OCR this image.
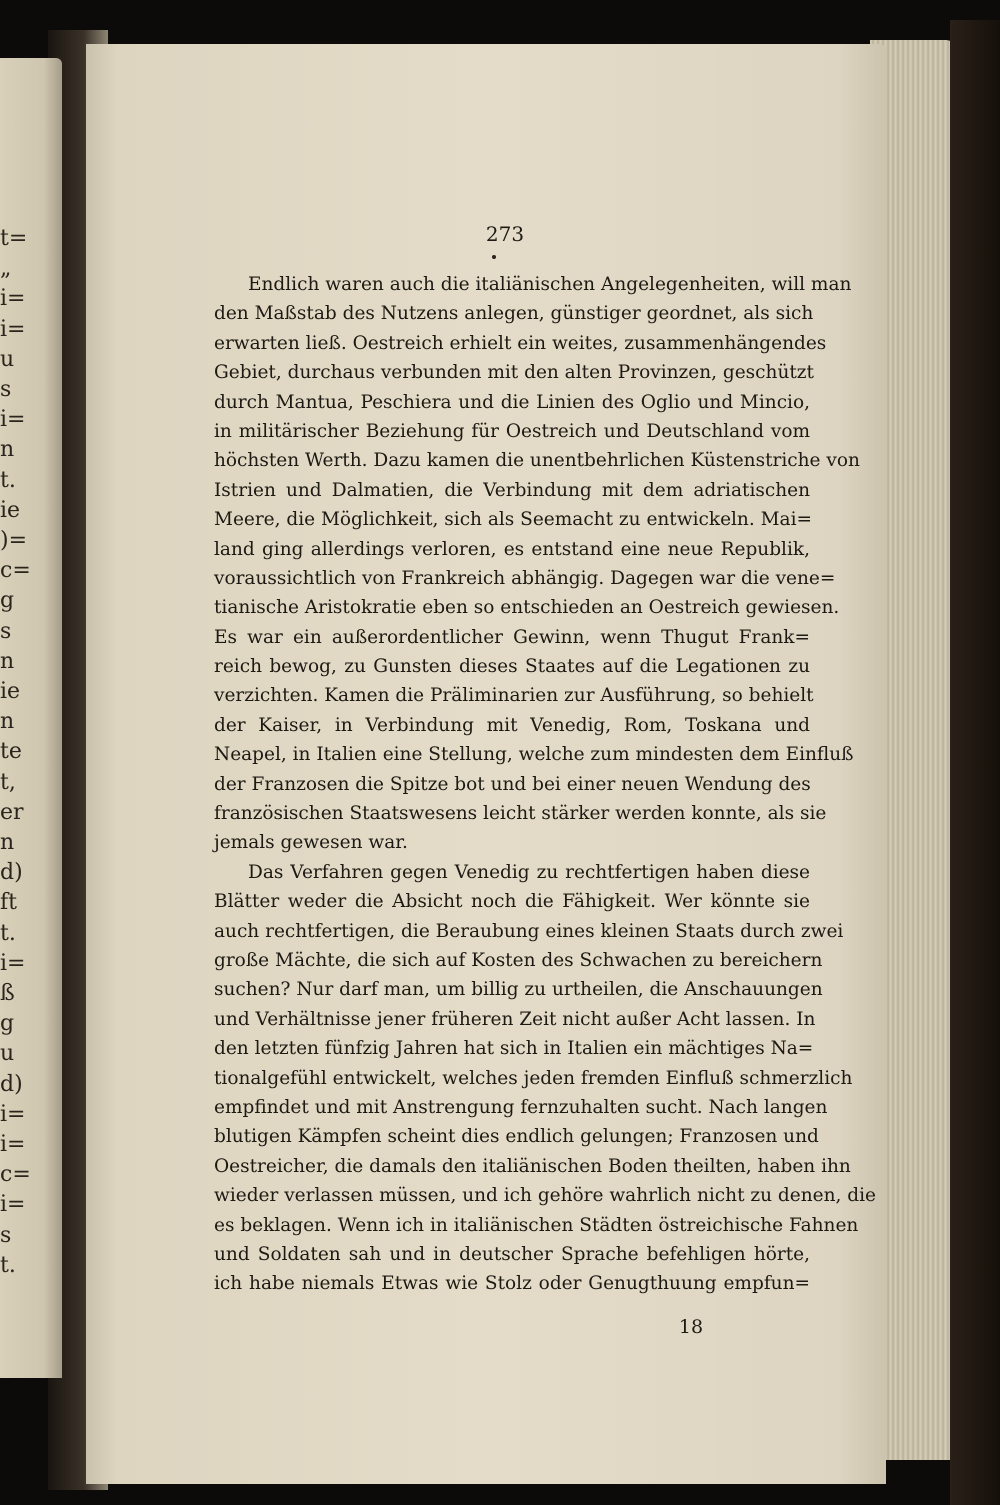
t=
„
i=
i=
u
s
i=
n
t.
ie
)=
c=
g
s
n
ie
n
te
t,
er
n
d)
ft
t.
i=
ß
g
u
d)
i=
i=
c=
i=
s
t.
273
Endlich waren auch die italiänischen Angelegenheiten, will man
den Maßstab des Nutzens anlegen, günstiger geordnet, als sich
erwarten ließ. Oestreich erhielt ein weites, zusammenhängendes
Gebiet, durchaus verbunden mit den alten Provinzen, geschützt
durch Mantua, Peschiera und die Linien des Oglio und Mincio,
in militärischer Beziehung für Oestreich und Deutschland vom
höchsten Werth. Dazu kamen die unentbehrlichen Küstenstriche von
Istrien und Dalmatien, die Verbindung mit dem adriatischen
Meere, die Möglichkeit, sich als Seemacht zu entwickeln. Mai=
land ging allerdings verloren, es entstand eine neue Republik,
voraussichtlich von Frankreich abhängig. Dagegen war die vene=
tianische Aristokratie eben so entschieden an Oestreich gewiesen.
Es war ein außerordentlicher Gewinn, wenn Thugut Frank=
reich bewog, zu Gunsten dieses Staates auf die Legationen zu
verzichten. Kamen die Präliminarien zur Ausführung, so behielt
der Kaiser, in Verbindung mit Venedig, Rom, Toskana und
Neapel, in Italien eine Stellung, welche zum mindesten dem Einfluß
der Franzosen die Spitze bot und bei einer neuen Wendung des
französischen Staatswesens leicht stärker werden konnte, als sie
jemals gewesen war.
Das Verfahren gegen Venedig zu rechtfertigen haben diese
Blätter weder die Absicht noch die Fähigkeit. Wer könnte sie
auch rechtfertigen, die Beraubung eines kleinen Staats durch zwei
große Mächte, die sich auf Kosten des Schwachen zu bereichern
suchen? Nur darf man, um billig zu urtheilen, die Anschauungen
und Verhältnisse jener früheren Zeit nicht außer Acht lassen. In
den letzten fünfzig Jahren hat sich in Italien ein mächtiges Na=
tionalgefühl entwickelt, welches jeden fremden Einfluß schmerzlich
empfindet und mit Anstrengung fernzuhalten sucht. Nach langen
blutigen Kämpfen scheint dies endlich gelungen; Franzosen und
Oestreicher, die damals den italiänischen Boden theilten, haben ihn
wieder verlassen müssen, und ich gehöre wahrlich nicht zu denen, die
es beklagen. Wenn ich in italiänischen Städten östreichische Fahnen
und Soldaten sah und in deutscher Sprache befehligen hörte,
ich habe niemals Etwas wie Stolz oder Genugthuung empfun=
18
